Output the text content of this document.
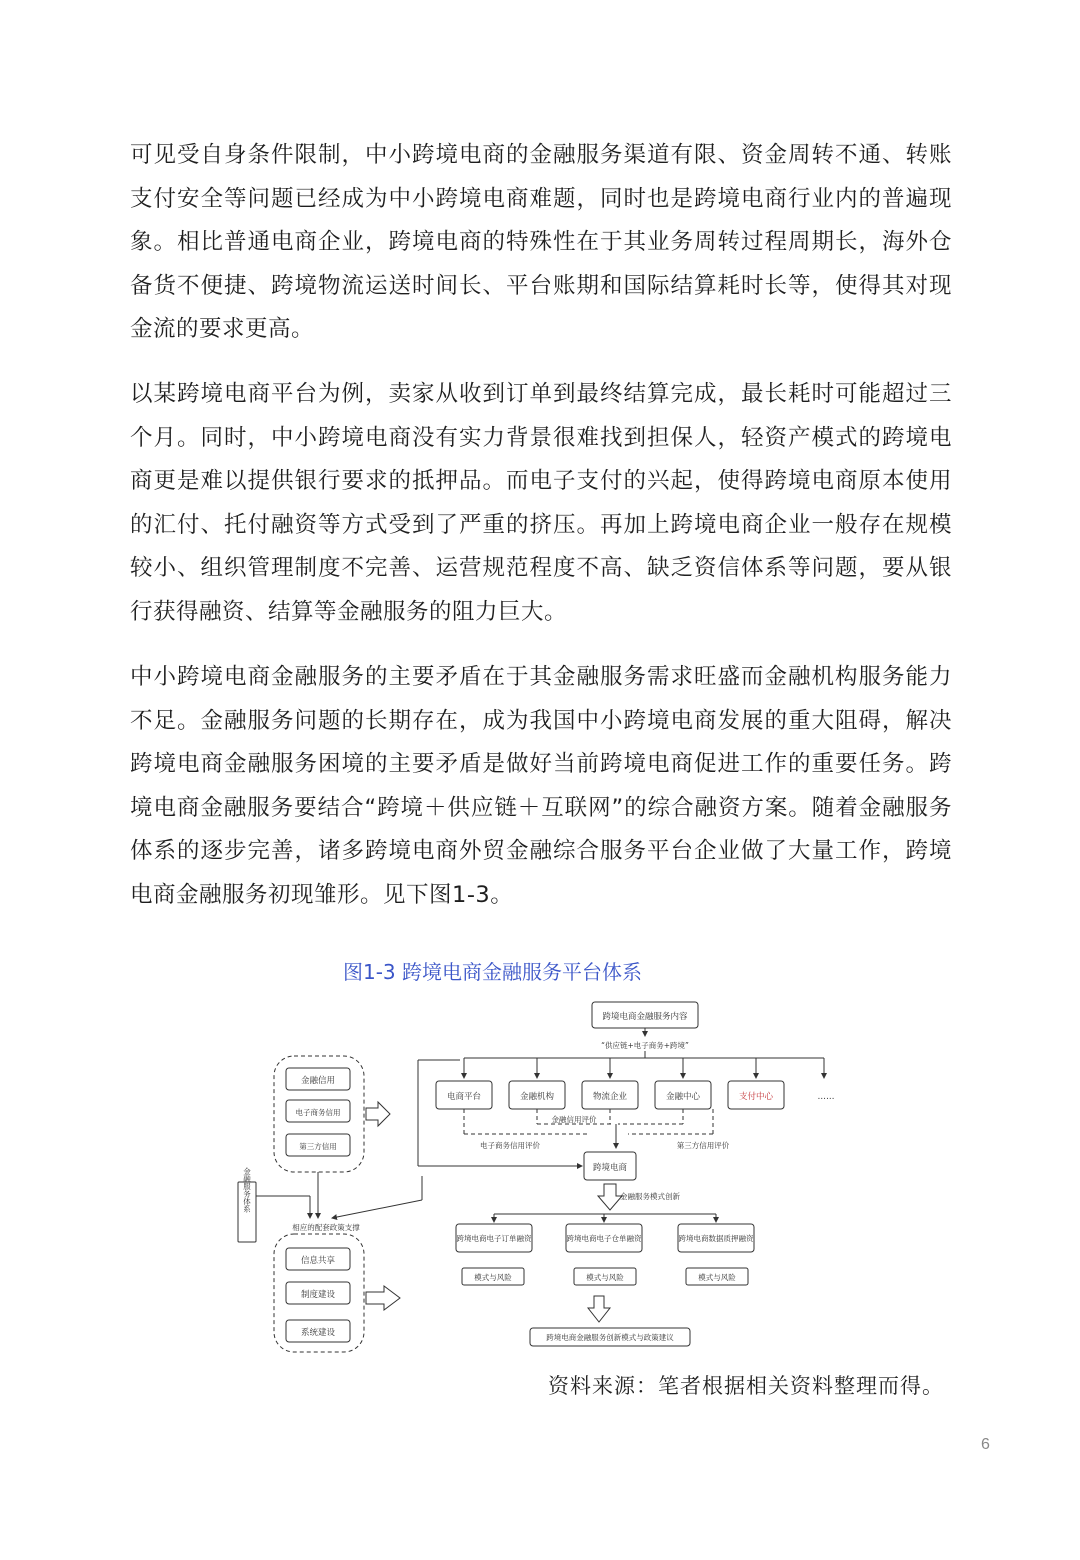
可见受自身条件限制，中小跨境电商的金融服务渠道有限、资金周转不通、转账支付安全等问题已经成为中小跨境电商难题，同时也是跨境电商行业内的普遍现象。相比普通电商企业，跨境电商的特殊性在于其业务周转过程周期长，海外仓备货不便捷、跨境物流运送时间长、平台账期和国际结算耗时长等，使得其对现金流的要求更高。

以某跨境电商平台为例，卖家从收到订单到最终结算完成，最长耗时可能超过三个月。同时，中小跨境电商没有实力背景很难找到担保人，轻资产模式的跨境电商更是难以提供银行要求的抵押品。而电子支付的兴起，使得跨境电商原本使用的汇付、托付融资等方式受到了严重的挤压。再加上跨境电商企业一般存在规模较小、组织管理制度不完善、运营规范程度不高、缺乏资信体系等问题，要从银行获得融资、结算等金融服务的阻力巨大。

中小跨境电商金融服务的主要矛盾在于其金融服务需求旺盛而金融机构服务能力不足。金融服务问题的长期存在，成为我国中小跨境电商发展的重大阻碍，解决跨境电商金融服务困境的主要矛盾是做好当前跨境电商促进工作的重要任务。跨境电商金融服务要结合“跨境＋供应链＋互联网”的综合融资方案。随着金融服务体系的逐步完善，诸多跨境电商外贸金融综合服务平台企业做了大量工作，跨境电商金融服务初现雏形。见下图1-3。

图1-3 跨境电商金融服务平台体系
跨境电商金融服务内容
“供应链+电子商务+跨境”
电商平台	金融机构	物流企业	金融中心	支付中心	……
金融信用评价
电子商务信用评价	第三方信用评价
跨境电商
金融服务模式创新
跨境电商电子订单融资	跨境电商电子仓单融资	跨境电商数据质押融资
模式与风险	模式与风险	模式与风险
跨境电商金融服务创新模式与政策建议
金融信用
电子商务信用
第三方信用
相应的配套政策支撑
信息共享
制度建设
系统建设
金融服务体系

资料来源：笔者根据相关资料整理而得。

6
